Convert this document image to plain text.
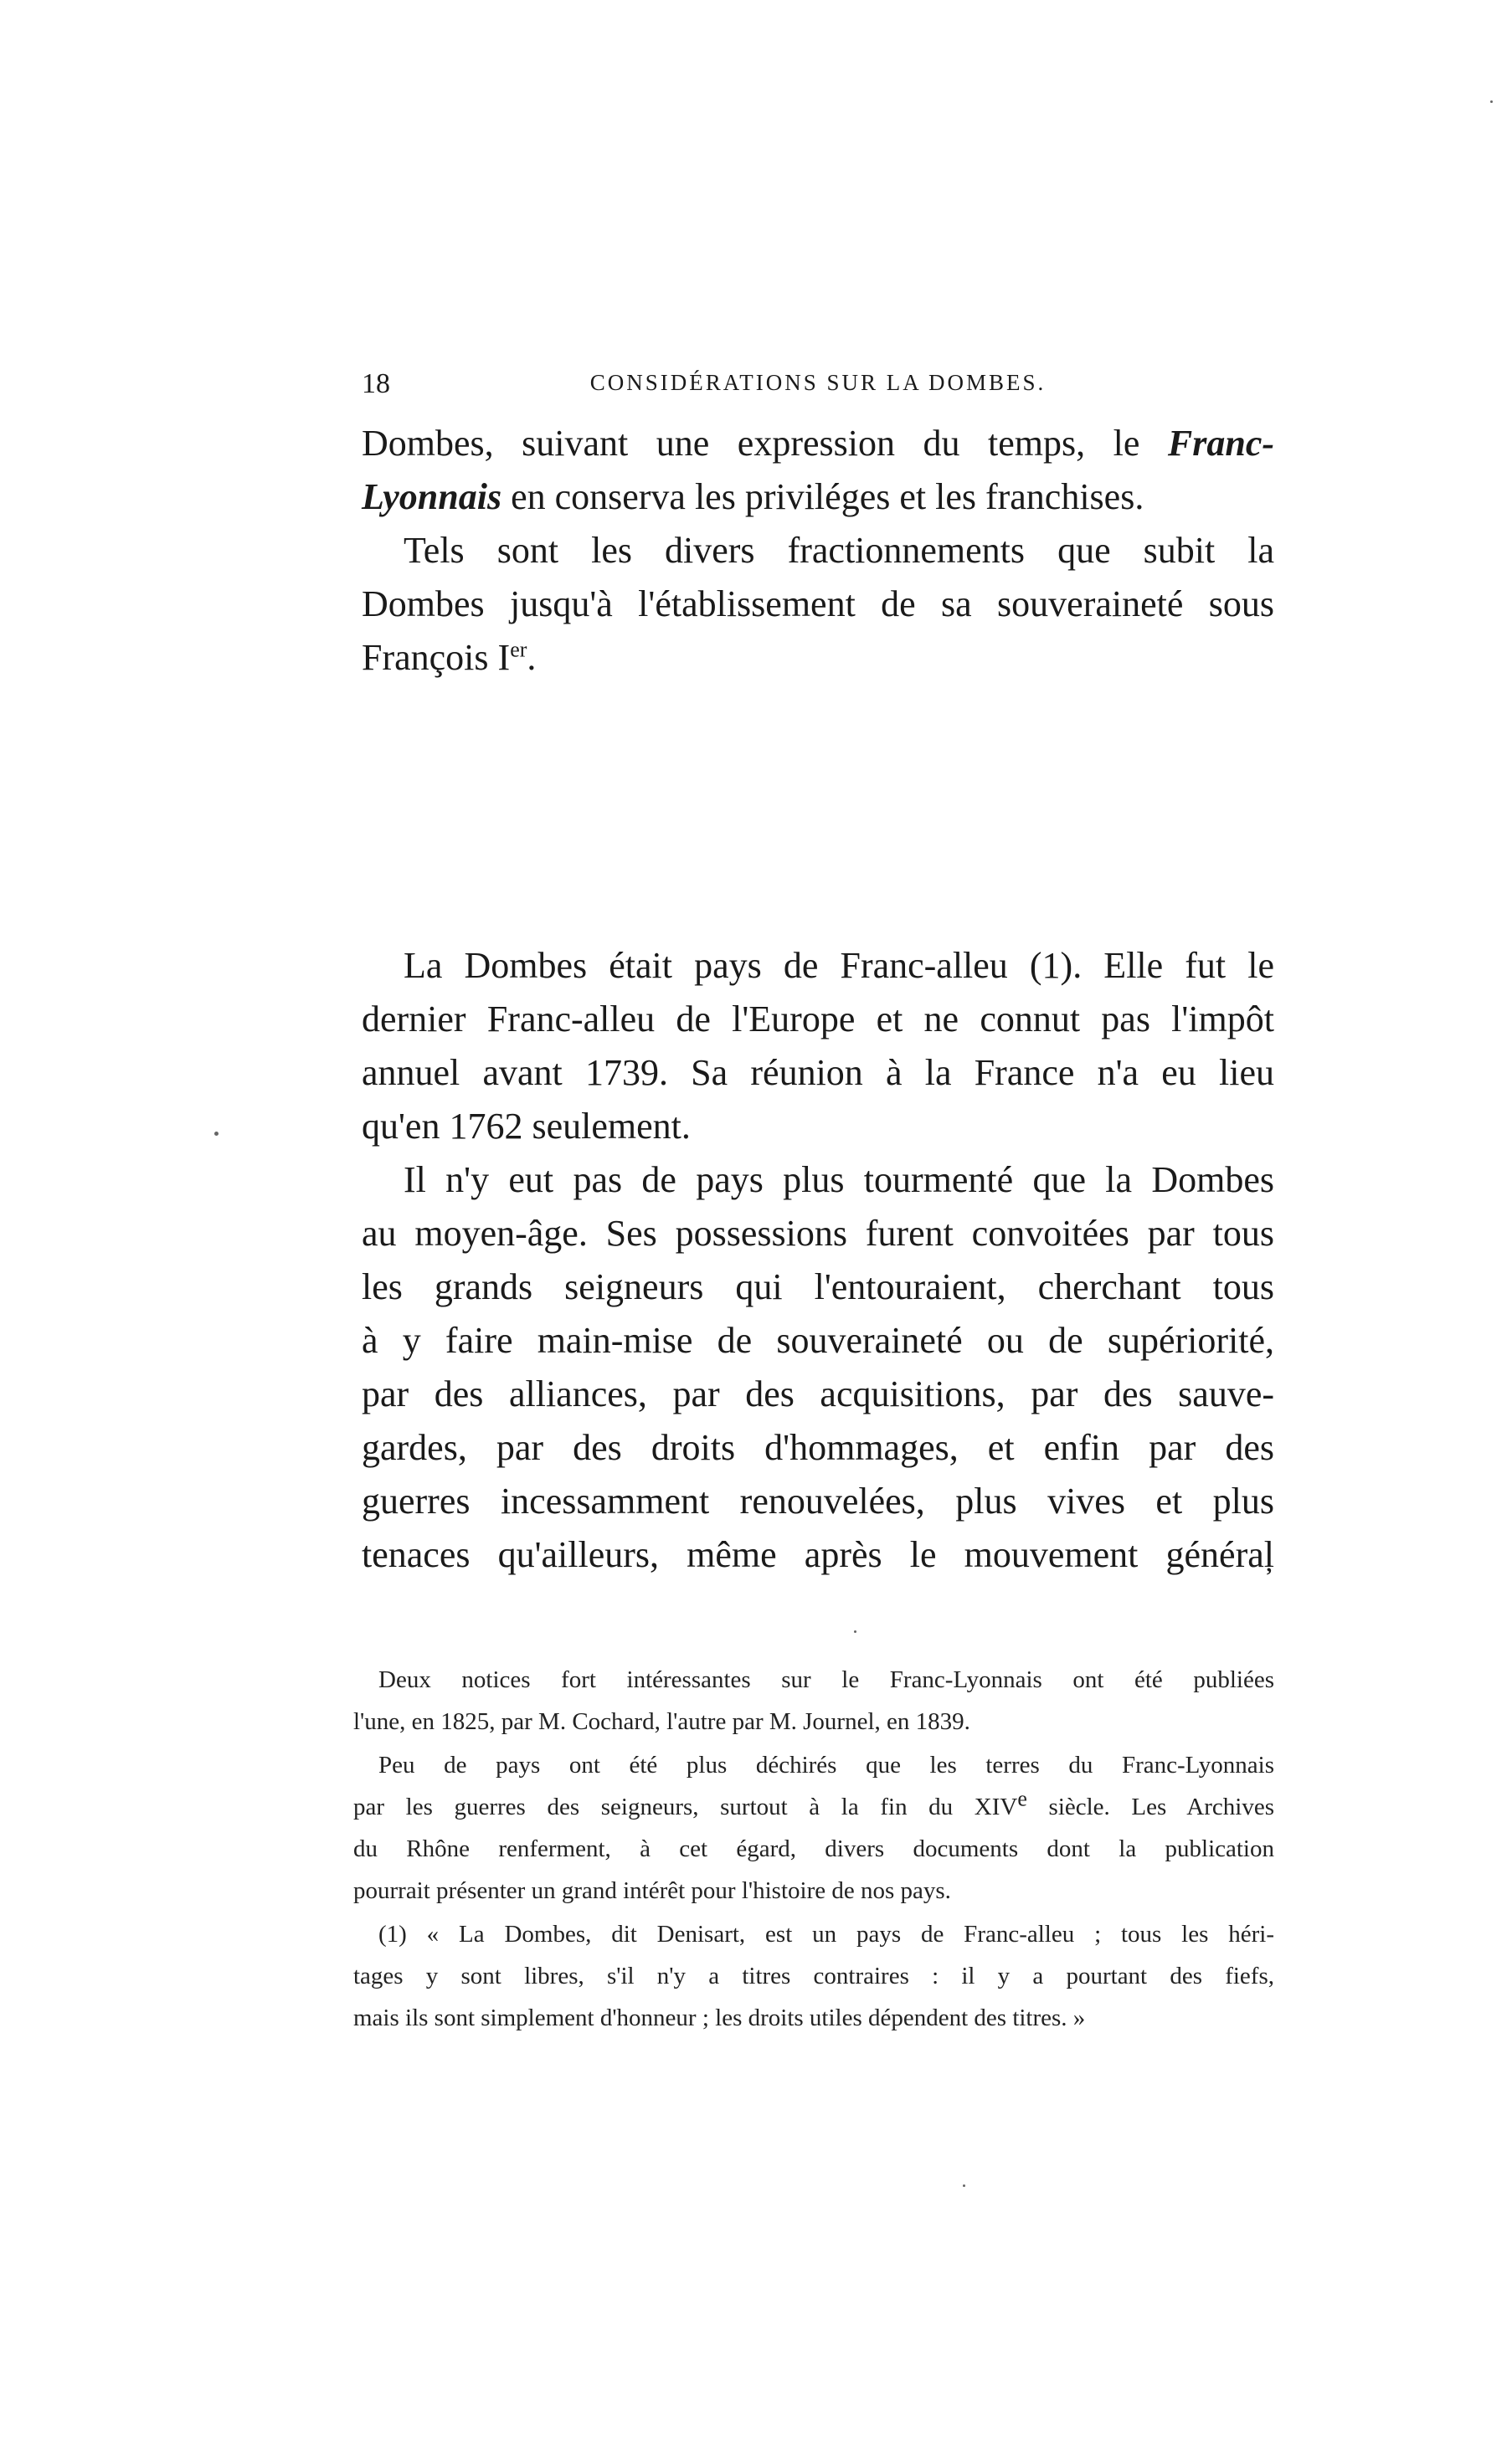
18	CONSIDÉRATIONS SUR LA DOMBES.
Dombes, suivant une expression du temps, le Franc-
Lyonnais en conserva les priviléges et les franchises.
Tels sont les divers fractionnements que subit la
Dombes jusqu'à l'établissement de sa souveraineté sous
François Ier.
La Dombes était pays de Franc-alleu (1). Elle fut le
dernier Franc-alleu de l'Europe et ne connut pas l'impôt
annuel avant 1739. Sa réunion à la France n'a eu lieu
qu'en 1762 seulement.
Il n'y eut pas de pays plus tourmenté que la Dombes
au moyen-âge. Ses possessions furent convoitées par tous
les grands seigneurs qui l'entouraient, cherchant tous
à y faire main-mise de souveraineté ou de supériorité,
par des alliances, par des acquisitions, par des sauve-
gardes, par des droits d'hommages, et enfin par des
guerres incessamment renouvelées, plus vives et plus
tenaces qu'ailleurs, même après le mouvement généraļ
Deux notices fort intéressantes sur le Franc-Lyonnais ont été publiées
l'une, en 1825, par M. Cochard, l'autre par M. Journel, en 1839.
Peu de pays ont été plus déchirés que les terres du Franc-Lyonnais
par les guerres des seigneurs, surtout à la fin du XIVe siècle. Les Archives
du Rhône renferment, à cet égard, divers documents dont la publication
pourrait présenter un grand intérêt pour l'histoire de nos pays.
(1) « La Dombes, dit Denisart, est un pays de Franc-alleu ; tous les héri-
tages y sont libres, s'il n'y a titres contraires : il y a pourtant des fiefs,
mais ils sont simplement d'honneur ; les droits utiles dépendent des titres. »
